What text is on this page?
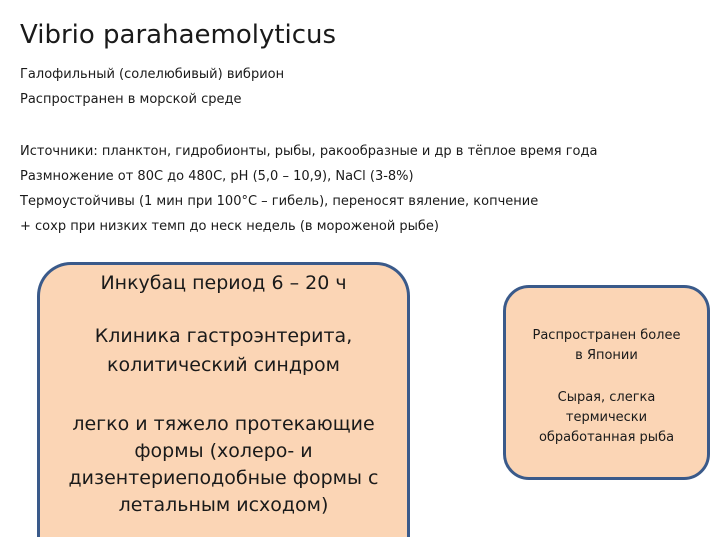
Vibrio parahaemolyticus
Галофильный (солелюбивый) вибрион
Распространен в морской среде
Источники: планктон, гидробионты, рыбы, ракообразные и др в тёплое время года
Размножение от 80С до 480С, рН (5,0 – 10,9), NaCl (3-8%)
Термоустойчивы (1 мин при 100°С – гибель), переносят вяление, копчение
+ сохр при низких темп до неск недель (в мороженой рыбе)
Инкубац период 6 – 20 ч
Клиника гастроэнтерита,
колитический синдром
легко и тяжело протекающие
формы (холеро- и
дизентериеподобные формы с
летальным исходом)
Распространен более
в Японии
Сырая, слегка
термически
обработанная рыба
